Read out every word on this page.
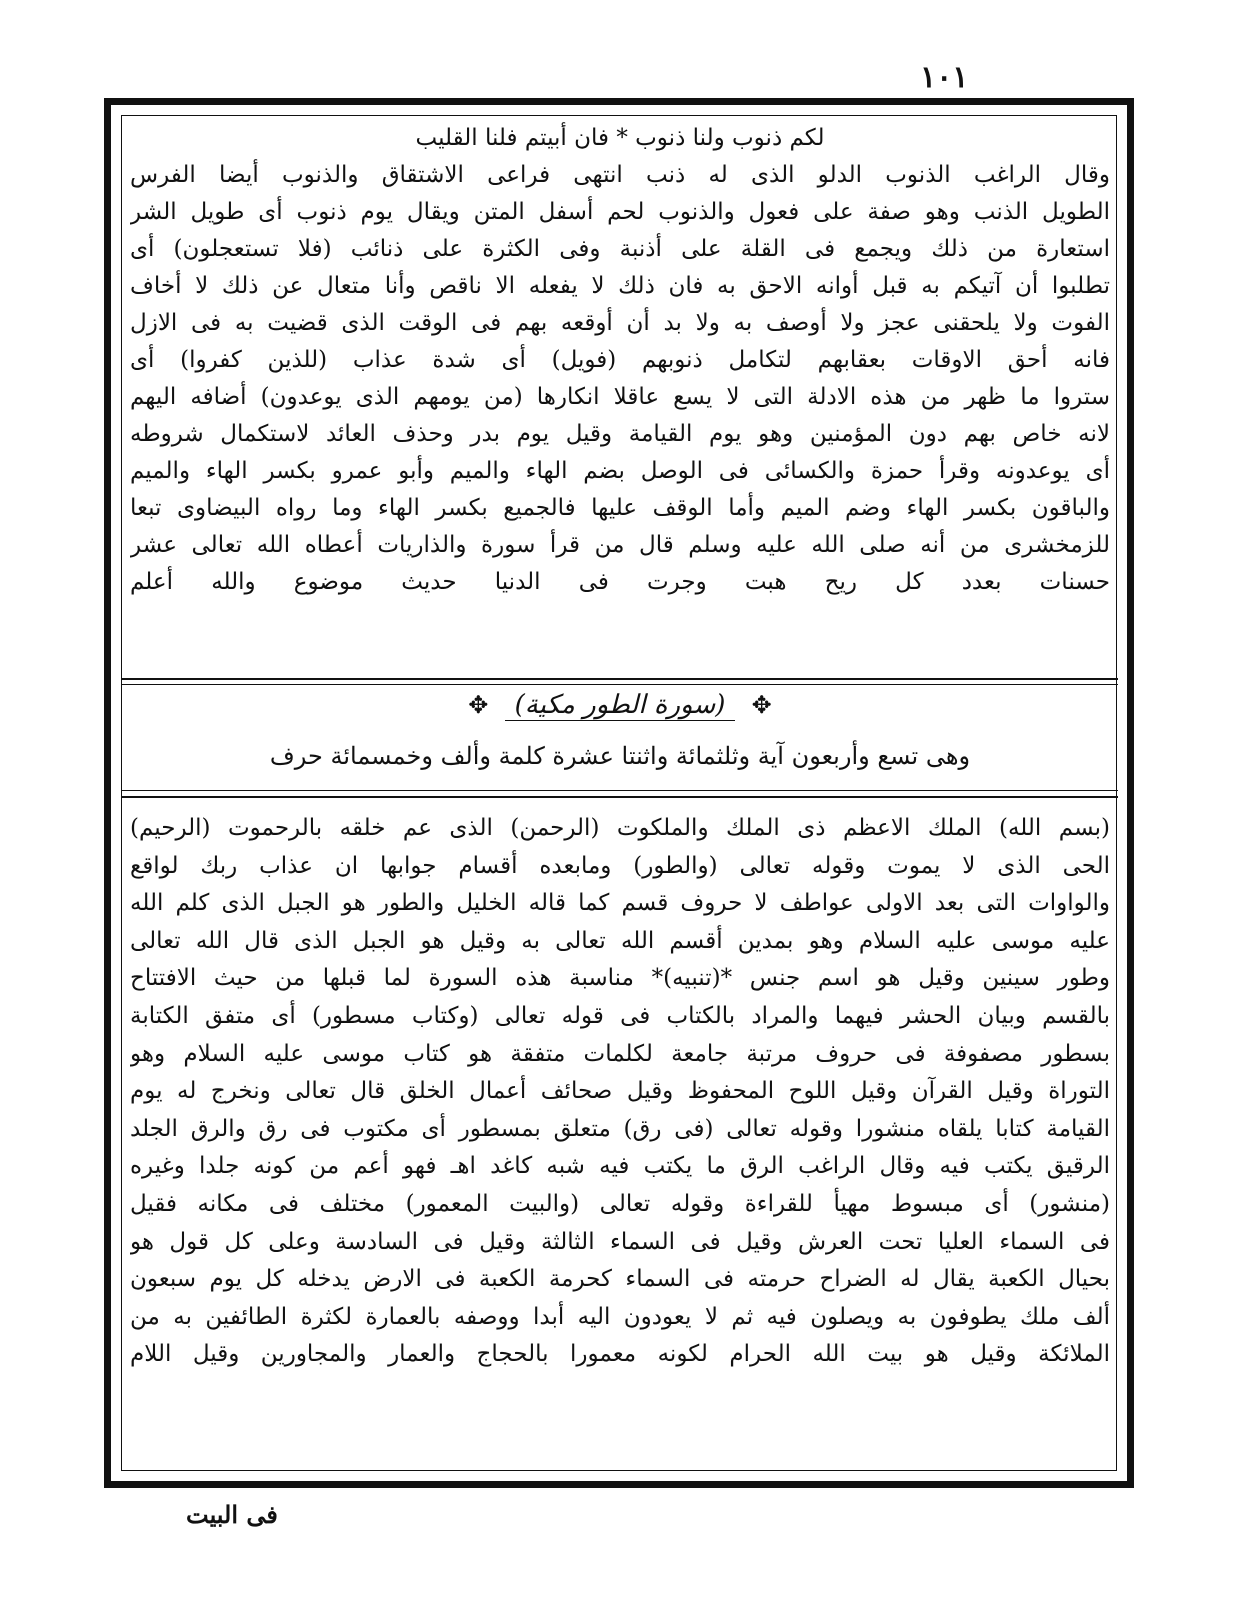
١٠١
لكم ذنوب ولنا ذنوب * فان أبيتم فلنا القليب
وقال الراغب الذنوب الدلو الذى له ذنب انتهى فراعى الاشتقاق والذنوب أيضا الفرس
الطويل الذنب وهو صفة على فعول والذنوب لحم أسفل المتن ويقال يوم ذنوب أى طويل الشر
استعارة من ذلك ويجمع فى القلة على أذنبة وفى الكثرة على ذنائب (فلا تستعجلون) أى
تطلبوا أن آتيكم به قبل أوانه الاحق به فان ذلك لا يفعله الا ناقص وأنا متعال عن ذلك لا أخاف
الفوت ولا يلحقنى عجز ولا أوصف به ولا بد أن أوقعه بهم فى الوقت الذى قضيت به فى الازل
فانه أحق الاوقات بعقابهم لتكامل ذنوبهم (فويل) أى شدة عذاب (للذين كفروا) أى
ستروا ما ظهر من هذه الادلة التى لا يسع عاقلا انكارها (من يومهم الذى يوعدون) أضافه اليهم
لانه خاص بهم دون المؤمنين وهو يوم القيامة وقيل يوم بدر وحذف العائد لاستكمال شروطه
أى يوعدونه وقرأ حمزة والكسائى فى الوصل بضم الهاء والميم وأبو عمرو بكسر الهاء والميم
والباقون بكسر الهاء وضم الميم وأما الوقف عليها فالجميع بكسر الهاء وما رواه البيضاوى تبعا
للزمخشرى من أنه صلى الله عليه وسلم قال من قرأ سورة والذاريات أعطاه الله تعالى عشر
حسنات بعدد كل ريح هبت وجرت فى الدنيا حديث موضوع والله أعلم
✥ (سورة الطور مكية) ✥
وهى تسع وأربعون آية وثلثمائة واثنتا عشرة كلمة وألف وخمسمائة حرف
(بسم الله) الملك الاعظم ذى الملك والملكوت (الرحمن) الذى عم خلقه بالرحموت (الرحيم)
الحى الذى لا يموت وقوله تعالى (والطور) ومابعده أقسام جوابها ان عذاب ربك لواقع
والواوات التى بعد الاولى عواطف لا حروف قسم كما قاله الخليل والطور هو الجبل الذى كلم الله
عليه موسى عليه السلام وهو بمدين أقسم الله تعالى به وقيل هو الجبل الذى قال الله تعالى
وطور سينين وقيل هو اسم جنس *(تنبيه)* مناسبة هذه السورة لما قبلها من حيث الافتتاح
بالقسم وبيان الحشر فيهما والمراد بالكتاب فى قوله تعالى (وكتاب مسطور) أى متفق الكتابة
بسطور مصفوفة فى حروف مرتبة جامعة لكلمات متفقة هو كتاب موسى عليه السلام وهو
التوراة وقيل القرآن وقيل اللوح المحفوظ وقيل صحائف أعمال الخلق قال تعالى ونخرج له يوم
القيامة كتابا يلقاه منشورا وقوله تعالى (فى رق) متعلق بمسطور أى مكتوب فى رق والرق الجلد
الرقيق يكتب فيه وقال الراغب الرق ما يكتب فيه شبه كاغد اهـ فهو أعم من كونه جلدا وغيره
(منشور) أى مبسوط مهيأ للقراءة وقوله تعالى (والبيت المعمور) مختلف فى مكانه فقيل
فى السماء العليا تحت العرش وقيل فى السماء الثالثة وقيل فى السادسة وعلى كل قول هو
بحيال الكعبة يقال له الضراح حرمته فى السماء كحرمة الكعبة فى الارض يدخله كل يوم سبعون
ألف ملك يطوفون به ويصلون فيه ثم لا يعودون اليه أبدا ووصفه بالعمارة لكثرة الطائفين به من
الملائكة وقيل هو بيت الله الحرام لكونه معمورا بالحجاج والعمار والمجاورين وقيل اللام
فى البيت
